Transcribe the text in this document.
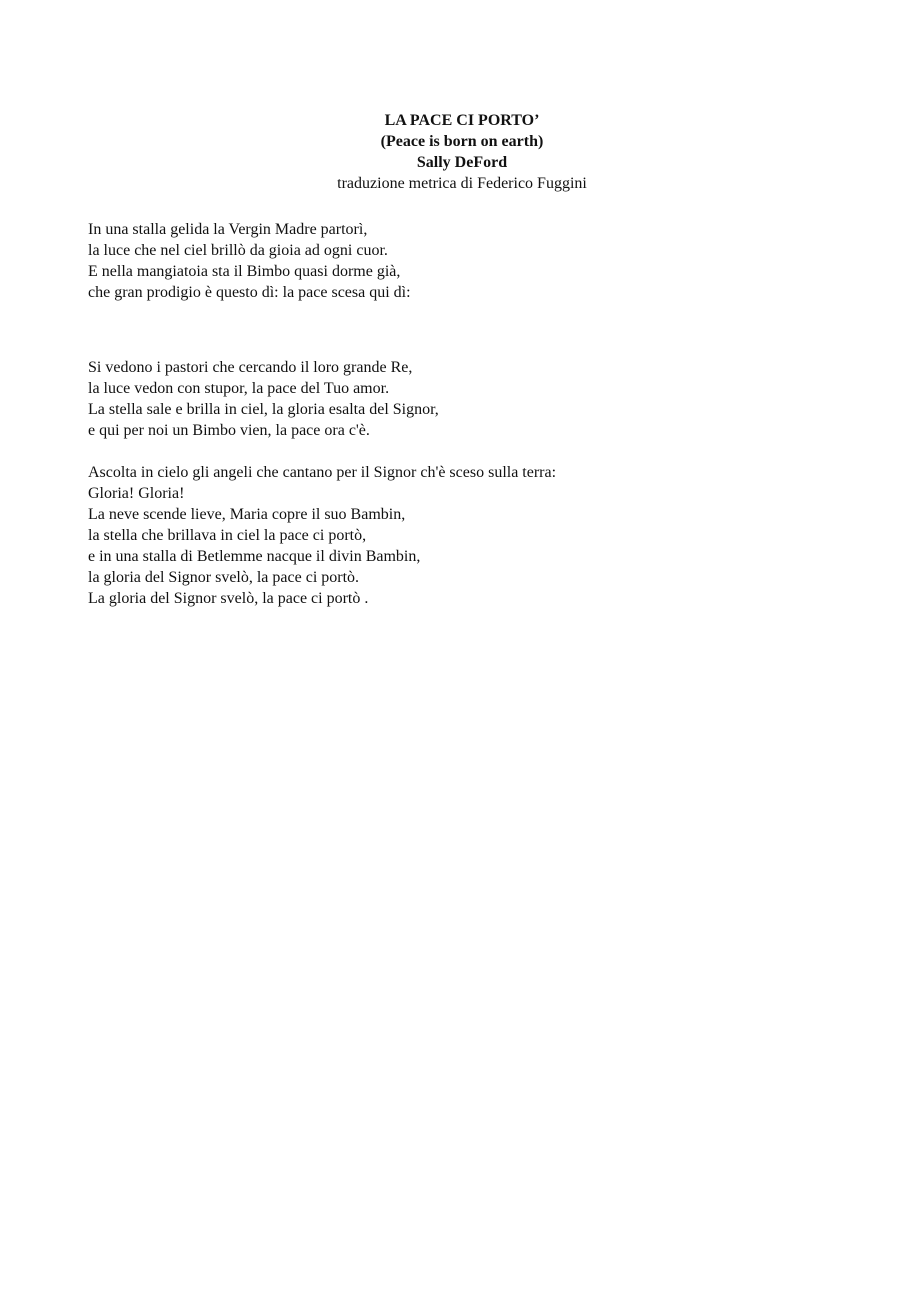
LA PACE CI PORTO’

(Peace is born on earth)

Sally DeFord

traduzione metrica di Federico Fuggini

In una stalla gelida la Vergin Madre partorì,

la luce che nel ciel brillò da gioia ad ogni cuor.

E nella mangiatoia sta il Bimbo quasi dorme già,

che gran prodigio è questo dì: la pace scesa qui dì:

Si vedono i pastori che cercando il loro grande Re,

la luce vedon con stupor, la pace del Tuo amor.

La stella sale e brilla in ciel, la gloria esalta del Signor,

e qui per noi un Bimbo vien, la pace ora c'è.

Ascolta in cielo gli angeli che cantano per il Signor ch'è sceso sulla terra:

Gloria! Gloria!

La neve scende lieve, Maria copre il suo Bambin,

la stella che brillava in ciel la pace ci portò,

e in una stalla di Betlemme nacque il divin Bambin,

la gloria del Signor svelò, la pace ci portò.

La gloria del Signor svelò, la pace ci portò .
